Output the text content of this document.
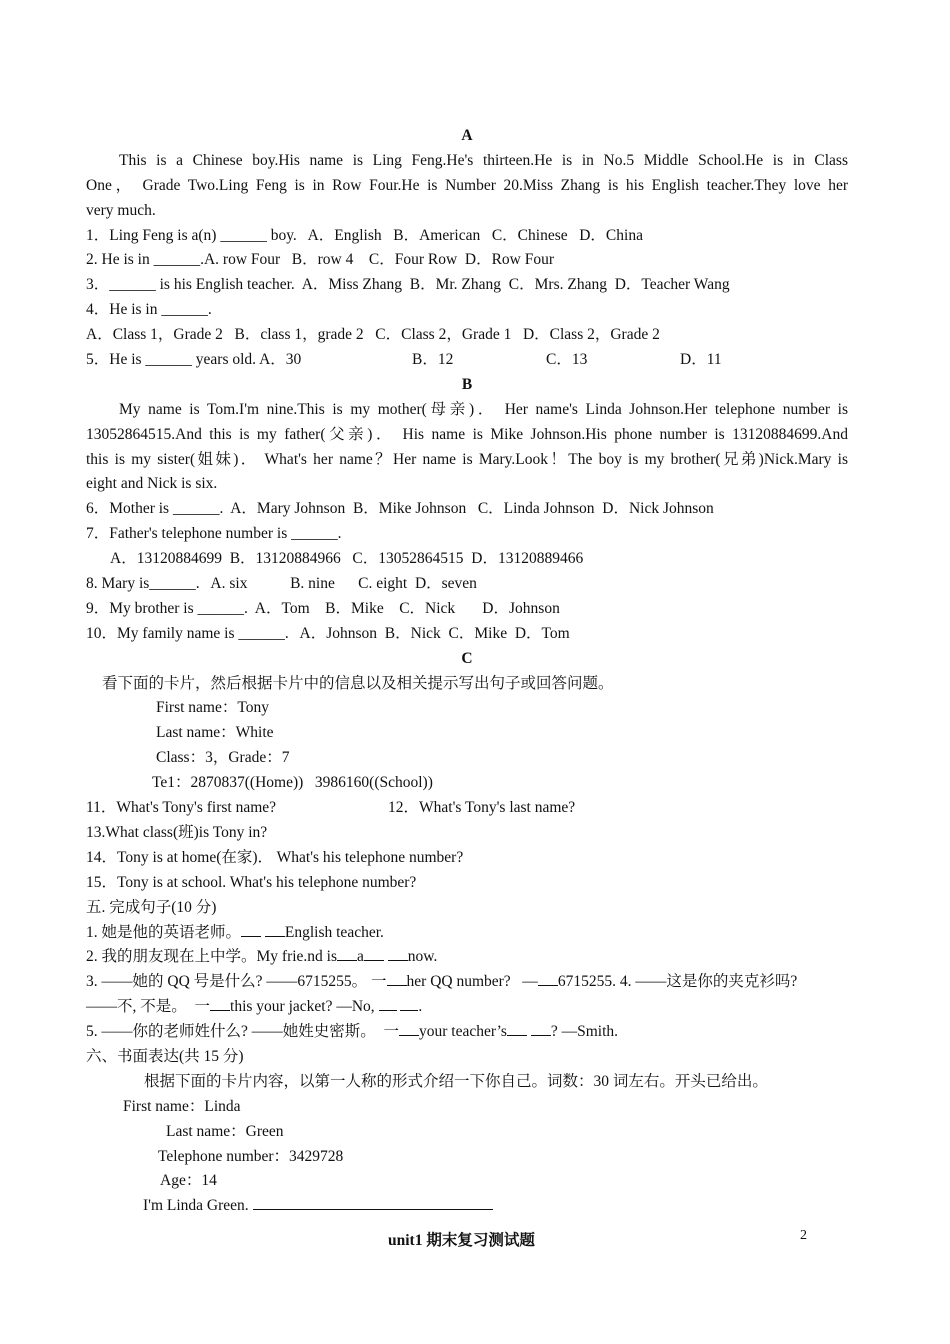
A
This is a Chinese boy.His name is Ling Feng.He's thirteen.He is in No.5 Middle School.He is in Class
One， Grade Two.Ling Feng is in Row Four.He is Number 20.Miss Zhang is his English teacher.They love her
very much.
1．Ling Feng is a(n) ______ boy.   A．English   B．American   C．Chinese   D．China
2. He is in ______.A. row Four   B．row 4    C．Four Row  D．Row Four
3．______ is his English teacher.  A．Miss Zhang  B．Mr. Zhang  C．Mrs. Zhang  D．Teacher Wang
4．He is in ______.
A．Class 1，Grade 2   B．class 1，grade 2   C．Class 2，Grade 1   D．Class 2，Grade 2
5．He is ______ years old. A．30	B．12	C．13	D．11
B
My name is Tom.I'm nine.This is my mother(母亲)． Her name's Linda Johnson.Her telephone number is
13052864515.And this is my father(父亲)． His name is Mike Johnson.His phone number is 13120884699.And
this is my sister(姐妹)． What's her name？Her name is Mary.Look！The boy is my brother(兄弟)Nick.Mary is
eight and Nick is six.
6．Mother is ______.  A．Mary Johnson  B．Mike Johnson   C．Linda Johnson  D．Nick Johnson
7．Father's telephone number is ______.
A．13120884699  B．13120884966   C．13052864515  D．13120889466
8. Mary is______.   A. six           B. nine      C. eight  D．seven
9．My brother is ______.  A．Tom    B．Mike    C．Nick       D．Johnson
10．My family name is ______.   A．Johnson  B．Nick  C．Mike  D．Tom
C
看下面的卡片，然后根据卡片中的信息以及相关提示写出句子或回答问题。
First name：Tony
Last name：White
Class：3，Grade：7
Te1：2870837((Home))   3986160((School))
11．What's Tony's first name?	12．What's Tony's last name?
13.What class(班)is Tony in?
14．Tony is at home(在家)． What's his telephone number?
15．Tony is at school. What's his telephone number?
五. 完成句子(10 分)
1. 她是他的英语老师。	English teacher.
2. 我的朋友现在上中学。My frie.nd is a	now.
3. ——她的 QQ 号是什么? ——6715255。 一 her QQ number?   — 6715255. 4. ——这是你的夹克衫吗?
——不, 不是。  一 this your jacket? —No,	.
5. ——你的老师姓什么? ——她姓史密斯。  一 your teacher’s	? —Smith.
六、书面表达(共 15 分)
根据下面的卡片内容，以第一人称的形式介绍一下你自己。词数：30 词左右。开头已给出。
First name：Linda
Last name：Green
Telephone number：3429728
Age：14
I'm Linda Green.
unit1 期末复习测试题	2
